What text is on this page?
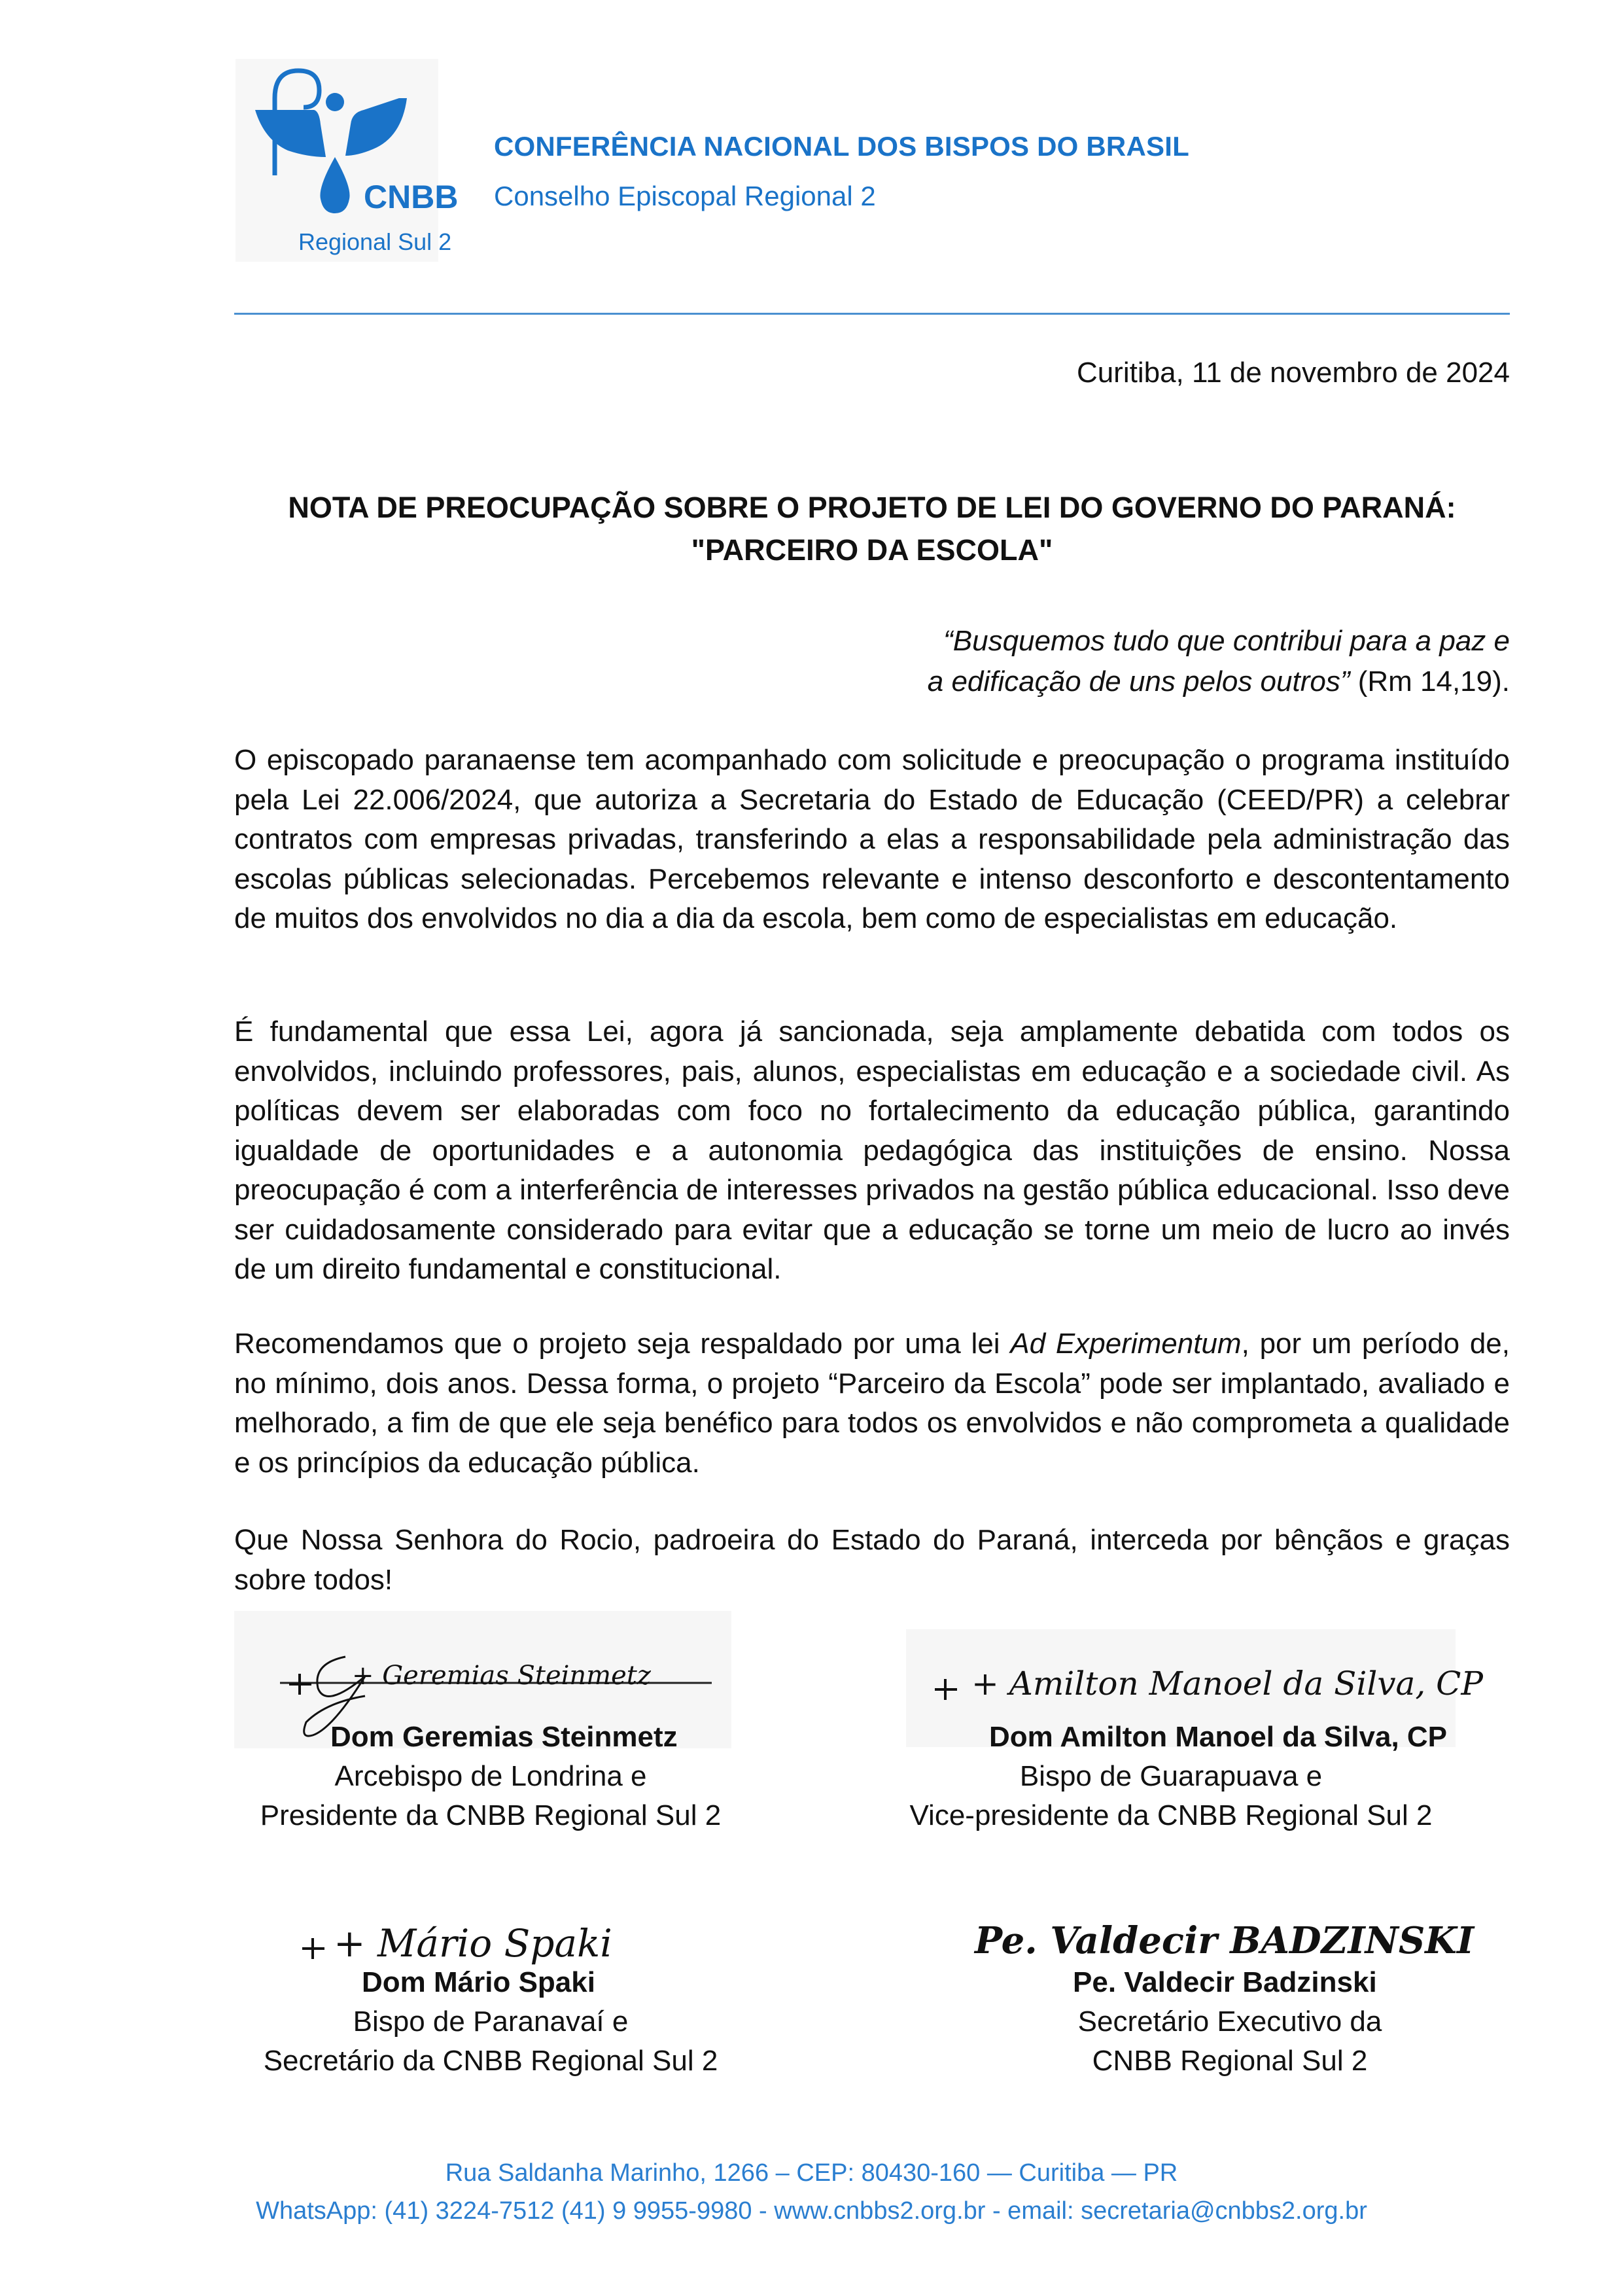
CNBB
Regional Sul 2
CONFERÊNCIA NACIONAL DOS BISPOS DO BRASIL
Conselho Episcopal Regional 2
Curitiba, 11 de novembro de 2024
NOTA DE PREOCUPAÇÃO SOBRE O PROJETO DE LEI DO GOVERNO DO PARANÁ:
"PARCEIRO DA ESCOLA"
“Busquemos tudo que contribui para a paz e
a edificação de uns pelos outros” (Rm 14,19).
O episcopado paranaense tem acompanhado com solicitude e preocupação o programa instituído pela Lei 22.006/2024, que autoriza a Secretaria do Estado de Educação (CEED/PR) a celebrar contratos com empresas privadas, transferindo a elas a responsabilidade pela administração das escolas públicas selecionadas. Percebemos relevante e intenso desconforto e descontentamento de muitos dos envolvidos no dia a dia da escola, bem como de especialistas em educação.
É fundamental que essa Lei, agora já sancionada, seja amplamente debatida com todos os envolvidos, incluindo professores, pais, alunos, especialistas em educação e a sociedade civil. As políticas devem ser elaboradas com foco no fortalecimento da educação pública, garantindo igualdade de oportunidades e a autonomia pedagógica das instituições de ensino. Nossa preocupação é com a interferência de interesses privados na gestão pública educacional. Isso deve ser cuidadosamente considerado para evitar que a educação se torne um meio de lucro ao invés de um direito fundamental e constitucional.
Recomendamos que o projeto seja respaldado por uma lei Ad Experimentum, por um período de, no mínimo, dois anos. Dessa forma, o projeto “Parceiro da Escola” pode ser implantado, avaliado e melhorado, a fim de que ele seja benéfico para todos os envolvidos e não comprometa a qualidade e os princípios da educação pública.
Que Nossa Senhora do Rocio, padroeira do Estado do Paraná, interceda por bênçãos e graças sobre todos!
+ Geremias Steinmetz
Dom Geremias Steinmetz
Arcebispo de Londrina e
Presidente da CNBB Regional Sul 2
+ Amilton Manoel da Silva, CP
Dom Amilton Manoel da Silva, CP
Bispo de Guarapuava e
Vice-presidente da CNBB Regional Sul 2
+ Mário Spaki
Dom Mário Spaki
Bispo de Paranavaí e
Secretário da CNBB Regional Sul 2
Pe. Valdecir BADZINSKI
Pe. Valdecir Badzinski
Secretário Executivo da
CNBB Regional Sul 2
Rua Saldanha Marinho, 1266 – CEP: 80430-160 — Curitiba — PR
WhatsApp: (41) 3224-7512 (41) 9 9955-9980 - www.cnbbs2.org.br - email: secretaria@cnbbs2.org.br
